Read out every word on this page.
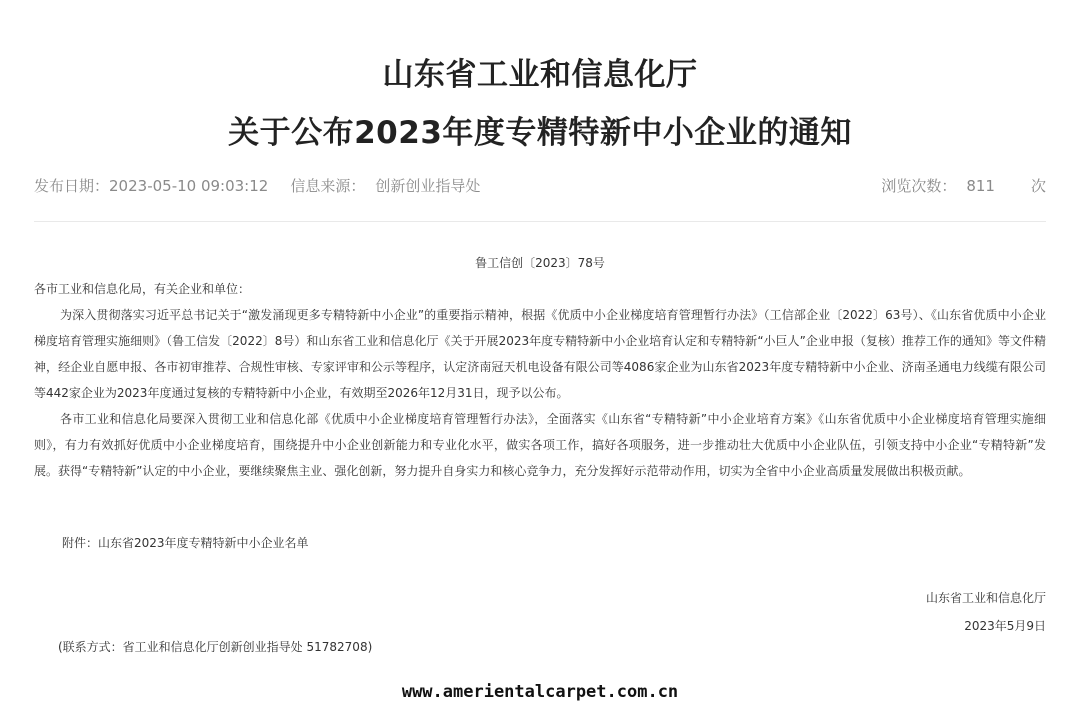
山东省工业和信息化厅
关于公布2023年度专精特新中小企业的通知
发布日期：2023-05-10 09:03:12 信息来源： 创新创业指导处	浏览次数： 811 次
鲁工信创〔2023〕78号

各市工业和信息化局，有关企业和单位：

为深入贯彻落实习近平总书记关于“激发涌现更多专精特新中小企业”的重要指示精神，根据《优质中小企业梯度培育管理暂行办法》（工信部企业〔2022〕63号）、《山东省优质中小企业梯度培育管理实施细则》（鲁工信发〔2022〕8号）和山东省工业和信息化厅《关于开展2023年度专精特新中小企业培育认定和专精特新“小巨人”企业申报（复核）推荐工作的通知》等文件精神，经企业自愿申报、各市初审推荐、合规性审核、专家评审和公示等程序，认定济南冠天机电设备有限公司等4086家企业为山东省2023年度专精特新中小企业、济南圣通电力线缆有限公司等442家企业为2023年度通过复核的专精特新中小企业，有效期至2026年12月31日，现予以公布。

各市工业和信息化局要深入贯彻工业和信息化部《优质中小企业梯度培育管理暂行办法》，全面落实《山东省“专精特新”中小企业培育方案》《山东省优质中小企业梯度培育管理实施细则》，有力有效抓好优质中小企业梯度培育，围绕提升中小企业创新能力和专业化水平，做实各项工作，搞好各项服务，进一步推动壮大优质中小企业队伍，引领支持中小企业“专精特新”发展。获得“专精特新”认定的中小企业，要继续聚焦主业、强化创新，努力提升自身实力和核心竞争力，充分发挥好示范带动作用，切实为全省中小企业高质量发展做出积极贡献。

附件：山东省2023年度专精特新中小企业名单
山东省工业和信息化厅
2023年5月9日
(联系方式：省工业和信息化厅创新创业指导处 51782708)
www.ameriental​carpet.com.cn
